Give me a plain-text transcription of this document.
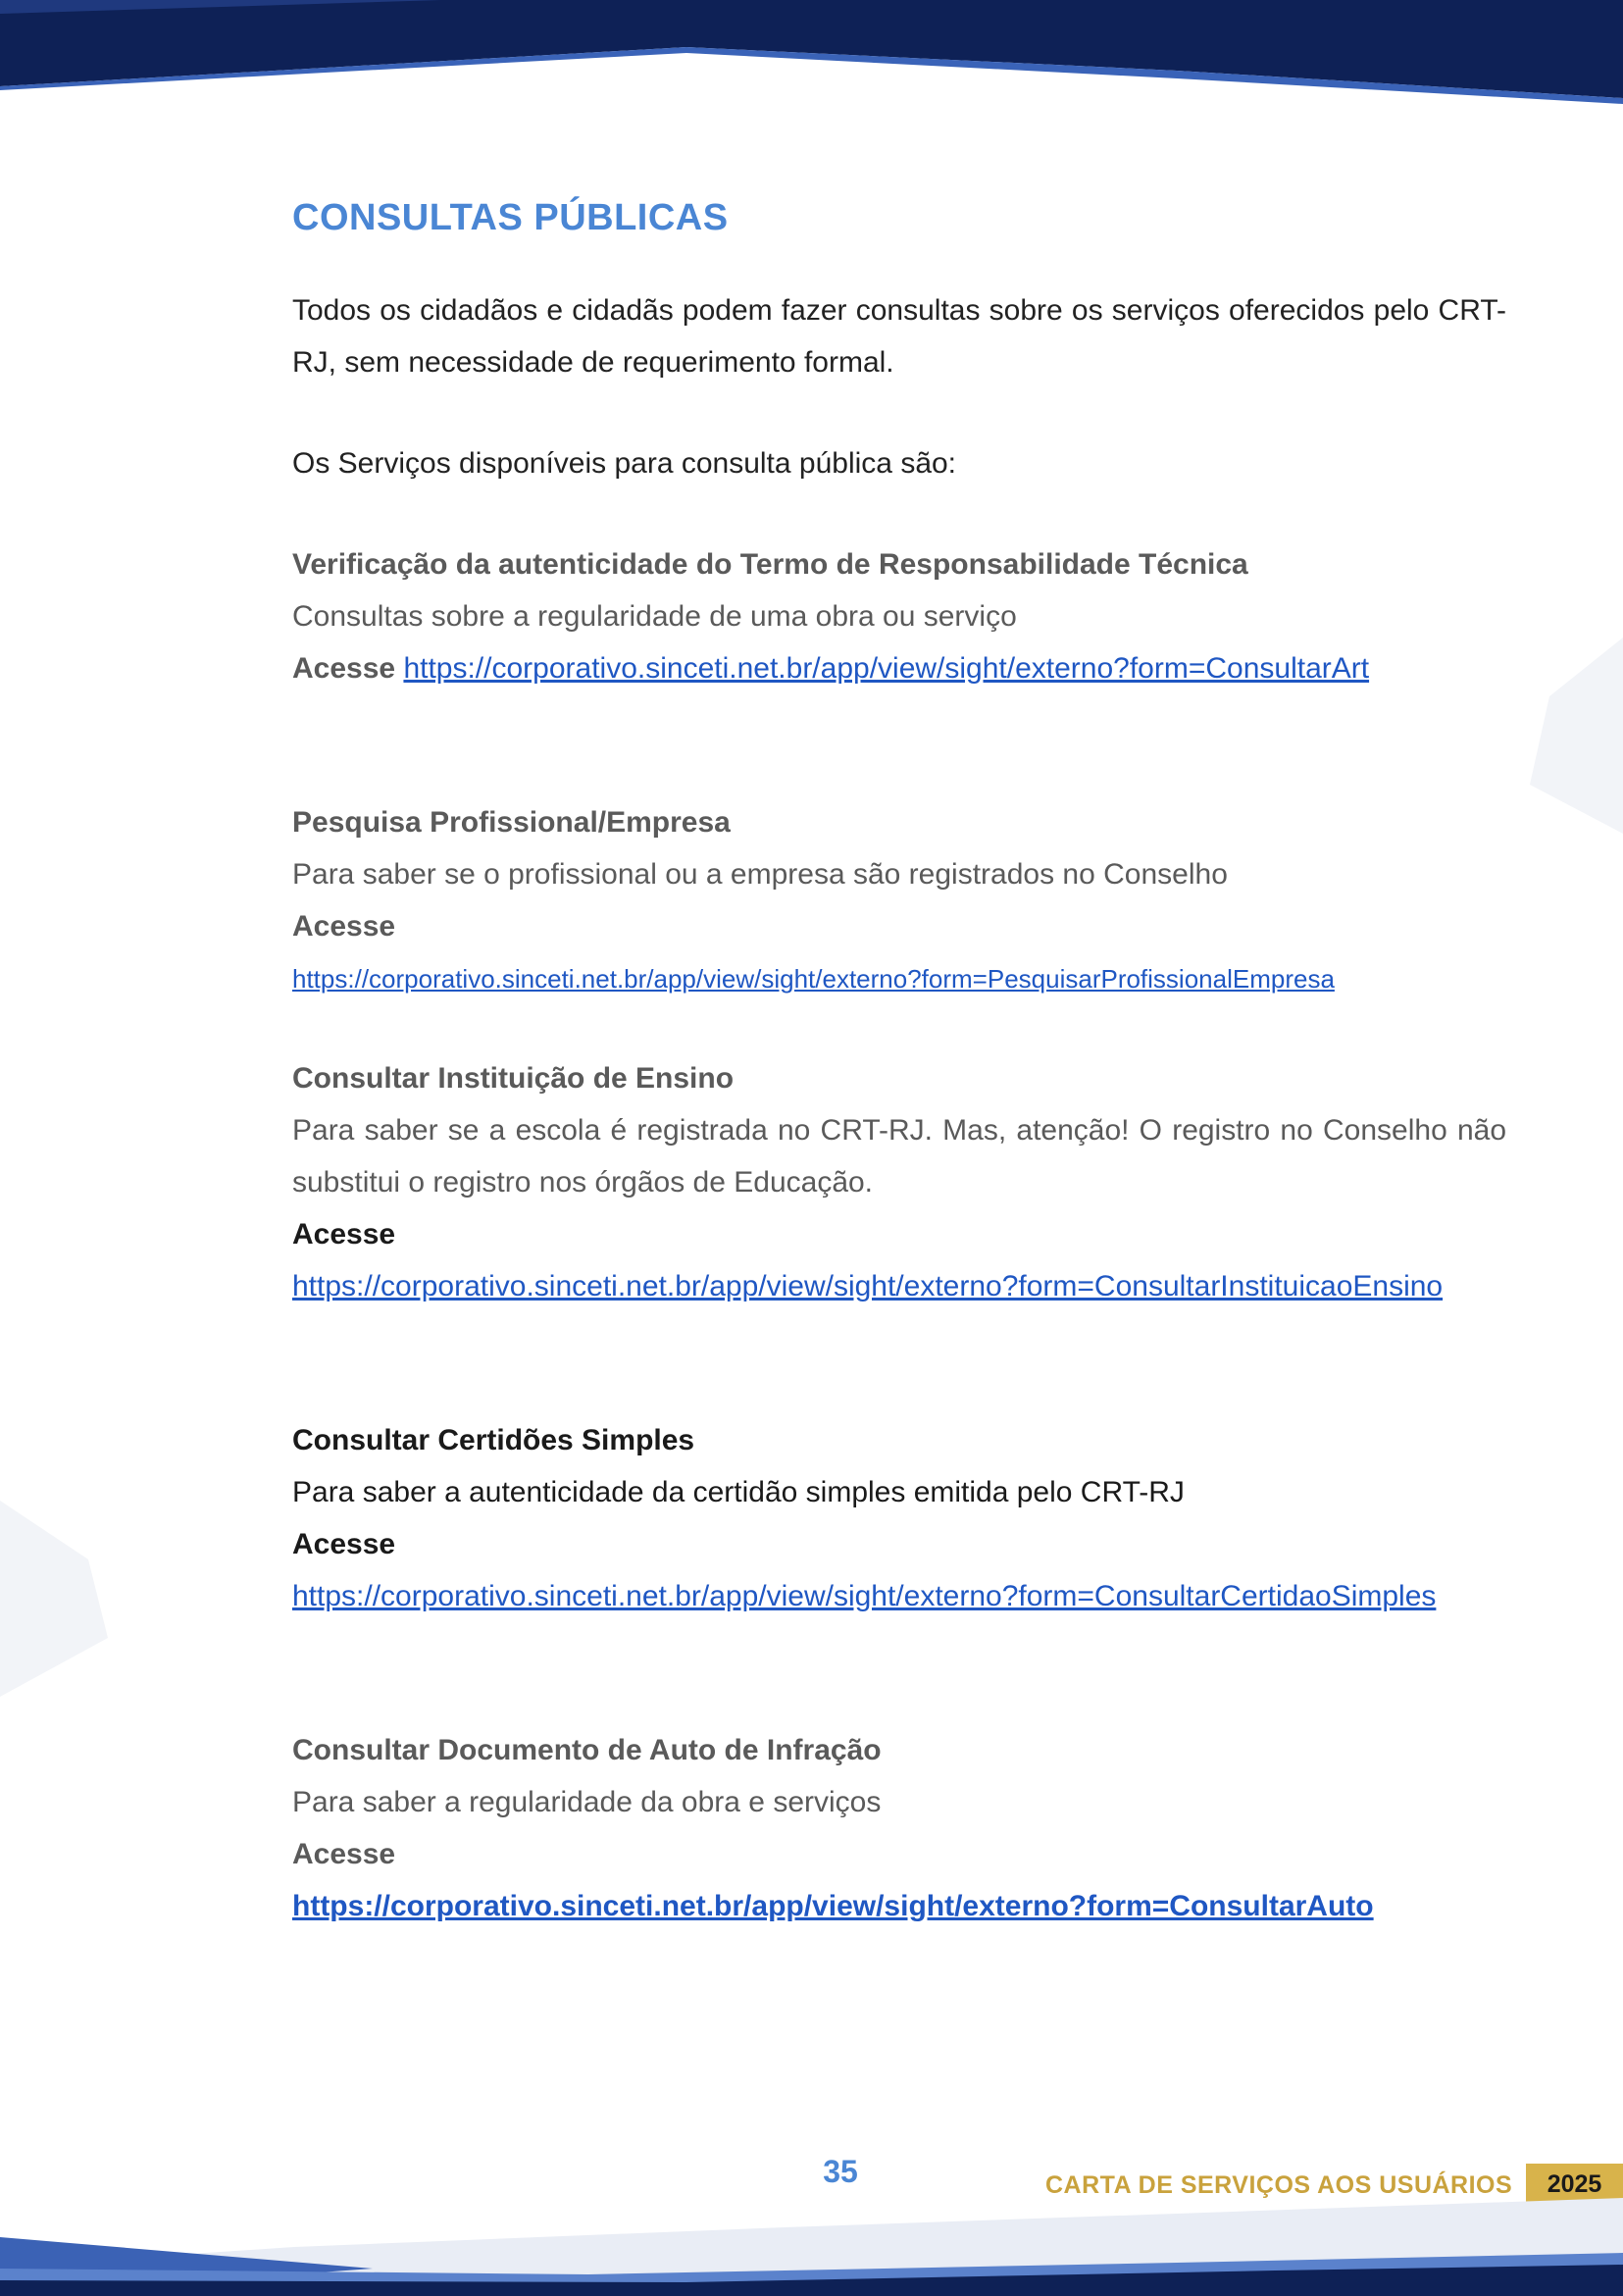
CONSULTAS PÚBLICAS

Todos os cidadãos e cidadãs podem fazer consultas sobre os serviços oferecidos pelo CRT-RJ, sem necessidade de requerimento formal.

Os Serviços disponíveis para consulta pública são:

Verificação da autenticidade do Termo de Responsabilidade Técnica

Consultas sobre a regularidade de uma obra ou serviço

Acesse https://corporativo.sinceti.net.br/app/view/sight/externo?form=ConsultarArt

Pesquisa Profissional/Empresa

Para saber se o profissional ou a empresa são registrados no Conselho

Acesse

https://corporativo.sinceti.net.br/app/view/sight/externo?form=PesquisarProfissionalEmpresa

Consultar Instituição de Ensino

Para saber se a escola é registrada no CRT-RJ. Mas, atenção! O registro no Conselho não substitui o registro nos órgãos de Educação.

Acesse

https://corporativo.sinceti.net.br/app/view/sight/externo?form=ConsultarInstituicaoEnsino

Consultar Certidões Simples

Para saber a autenticidade da certidão simples emitida pelo CRT-RJ

Acesse

https://corporativo.sinceti.net.br/app/view/sight/externo?form=ConsultarCertidaoSimples

Consultar Documento de Auto de Infração

Para saber a regularidade da obra e serviços

Acesse

https://corporativo.sinceti.net.br/app/view/sight/externo?form=ConsultarAuto

35	CARTA DE SERVIÇOS AOS USUÁRIOS	2025
